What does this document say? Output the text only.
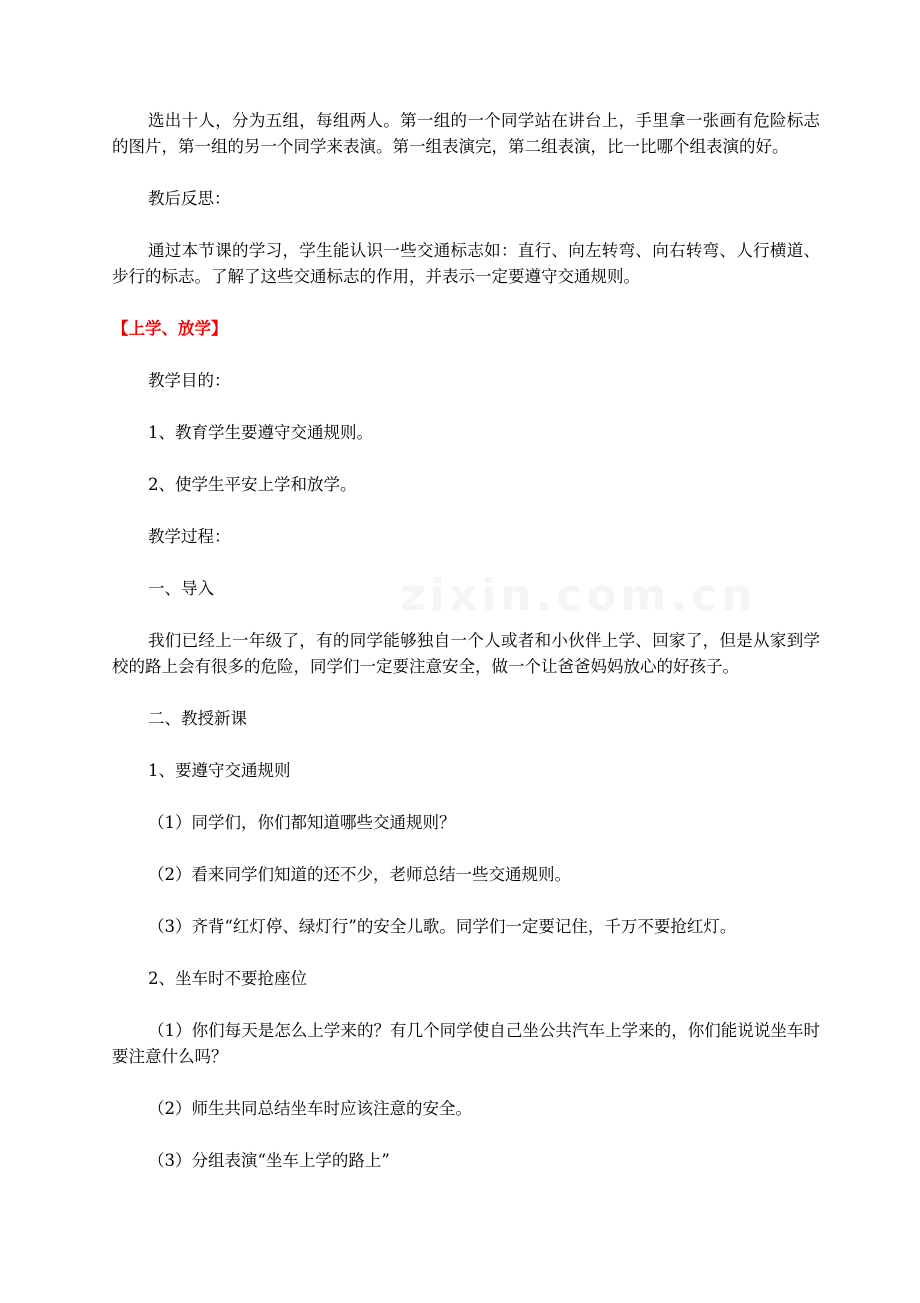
选出十人，分为五组，每组两人。第一组的一个同学站在讲台上，手里拿一张画有危险标志的图片，第一组的另一个同学来表演。第一组表演完，第二组表演，比一比哪个组表演的好。

教后反思：

通过本节课的学习，学生能认识一些交通标志如：直行、向左转弯、向右转弯、人行横道、步行的标志。了解了这些交通标志的作用，并表示一定要遵守交通规则。

【上学、放学】

教学目的：

1、教育学生要遵守交通规则。

2、使学生平安上学和放学。

教学过程：

一、导入

我们已经上一年级了，有的同学能够独自一个人或者和小伙伴上学、回家了，但是从家到学校的路上会有很多的危险，同学们一定要注意安全，做一个让爸爸妈妈放心的好孩子。

二、教授新课

1、要遵守交通规则

（1）同学们，你们都知道哪些交通规则？

（2）看来同学们知道的还不少，老师总结一些交通规则。

（3）齐背“红灯停、绿灯行”的安全儿歌。同学们一定要记住，千万不要抢红灯。

2、坐车时不要抢座位

（1）你们每天是怎么上学来的？有几个同学使自己坐公共汽车上学来的，你们能说说坐车时要注意什么吗？

（2）师生共同总结坐车时应该注意的安全。

（3）分组表演“坐车上学的路上”
